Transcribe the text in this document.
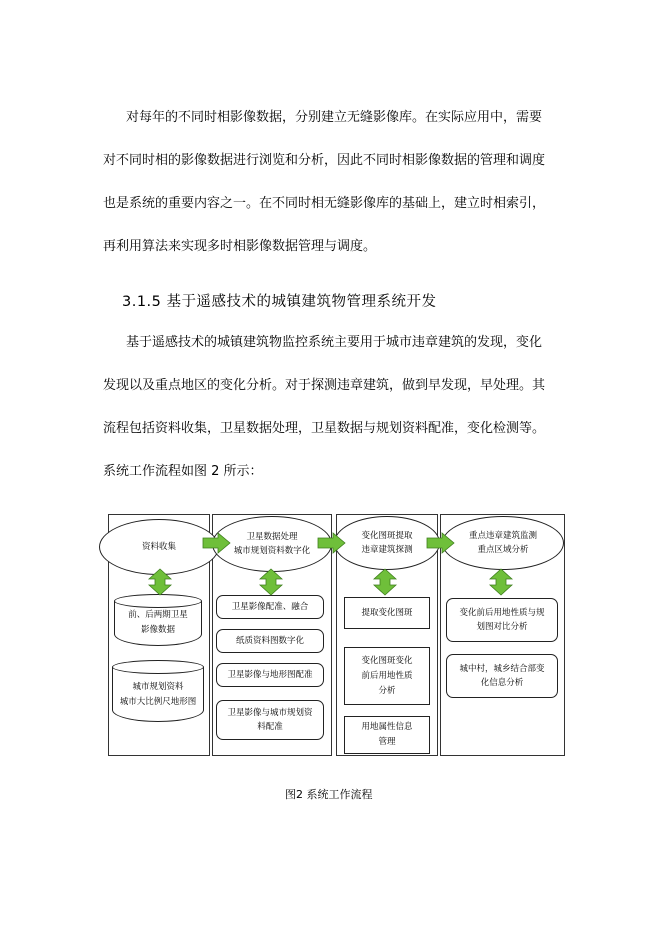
对每年的不同时相影像数据，分别建立无缝影像库。在实际应用中，需要
对不同时相的影像数据进行浏览和分析，因此不同时相影像数据的管理和调度
也是系统的重要内容之一。在不同时相无缝影像库的基础上，建立时相索引，
再利用算法来实现多时相影像数据管理与调度。
3.1.5 基于遥感技术的城镇建筑物管理系统开发
基于遥感技术的城镇建筑物监控系统主要用于城市违章建筑的发现，变化
发现以及重点地区的变化分析。对于探测违章建筑，做到早发现，早处理。其
流程包括资料收集，卫星数据处理，卫星数据与规划资料配准，变化检测等。
系统工作流程如图 2 所示：
资料收集
前、后两期卫星
影像数据
城市规划资料
城市大比例尺地形图
卫星数据处理
城市规划资料数字化
卫星影像配准、融合
纸质资料图数字化
卫星影像与地形图配准
卫星影像与城市规划资
料配准
变化图斑提取
违章建筑探测
提取变化图斑
变化图斑变化
前后用地性质
分析
用地属性信息
管理
重点违章建筑监测
重点区域分析
变化前后用地性质与规
划图对比分析
城中村，城乡结合部变
化信息分析
图2 系统工作流程
